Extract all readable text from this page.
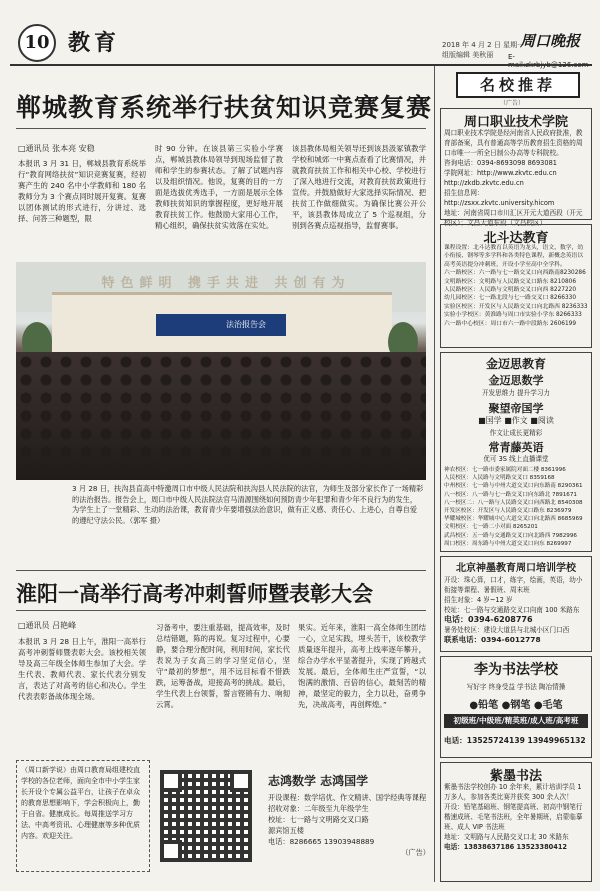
10 教育	2018 年 4 月 2 日 星期一
组版编辑 美秋丽
周口晚报
E-
郸城教育系统举行扶贫知识竞赛复赛
□通讯员 张本亮 安稳
本报讯 3 月 31 日，郸城县教育系统举行“教育网络扶贫”知识竞赛复赛，经初赛产生的 240 名中小学教师和 180 名教师分为 3 个赛点同时展开复赛。复赛以团体测试的形式进行，分讲过、选择、问答三种题型，限
时 90 分钟。在该县第三实验小学赛点，郸城县教体局领导到现场监督了教师和学生的参赛状态。了解了试题内容以及组织情况。他说，复赛的目的一方面是选拔优秀选手，一方面是展示全体教师扶贫知识的掌握程度，更好地开展教育扶贫工作。他鼓励大家用心工作，精心组织，确保扶贫实效落在实处。
该县教体局相关领导还到该县汲冢镇教学学校和城郊一中赛点查看了比赛情况，并就教育扶贫工作和相关中心校、学校进行了深入地进行交流，对教育扶贫政策进行宣传。并鼓励做好大家选择实际情况、把扶贫工作做细做实。为确保比赛公开公平，该县教体局成立了 5 个巡视组，分别到各赛点巡视指导，监督赛事。
特色鲜明 携手共进 共创有为
法治报告会
3 月 28 日，扶沟县直高中特邀周口市中级人民法院和扶沟县人民法院的法官，为师生及部分家长作了一场精彩的法治报告。报告会上，周口市中级人民法院法官马清源围绕如何预防青少年犯罪和青少年不良行为的发生，为学生上了一堂精彩、生动的法治课，教育青少年要增强法治意识，做有正义感、责任心、上进心，自尊自爱的遵纪守法公民。（郭军 摄）
淮阳一高举行高考冲刺誓师暨表彰大会
□通讯员 吕艳峰
本报讯 3 月 28 日上午，淮阳一高举行高考冲刺誓师暨表彰大会。该校相关领导及高三年级全体师生参加了大会。学生代表、教师代表、家长代表分别发言，表达了对高考的信心和决心。学生代表表彰备战体现全场。
习备考中，要注重基础，提高效率，及时总结错题，陈的再说。复习过程中，心要静，要合理分配时间，利用时间，家长代表说为子女高三的学习坚定信心，坚守“最初的梦想”，用不远目标看不惜跌跌，运筹备战，迎接高考的挑战。最后，学生代表上台领誓，誓言铿锵有力、响彻云霄。
果实。近年来，淮阳一高全体师生团结一心，立足实践，埋头苦干，该校教学质量逐年提升，高考上线率逐年攀升，综合办学水平显著提升，实现了跨越式发展。最后，全体师生庄严宣誓，“以饱满的激情、百倍的信心，最刻苦的精神，最坚定的毅力，全力以赴，奋勇争先，决战高考，再创辉煌。”
（周口新学说）由周口教育局组建校直学校的各位老师，面向全市中小学生家长开设个专属公益平台，让孩子在卓众的教育思想影响下，学会积极向上，勤于自省。健康成长。每周推送学习方法、中高考资讯、心理健康等多种优质内容。欢迎关注。
志鸿数学 志鸿国学
开设课程：数学培优、作文精讲、国学经典等课程
招收对象：二年级至九年级学生
校址：七一路与文明路交叉口路
源宾馆五楼
电话：8286665 13903948889
（广告）
名校推荐
（广告）
周口职业技术学院
周口职业技术学院是经河南省人民政府批准，教育部备案，具有普通高等学历教育招生资格的周口市唯一一所全日制公办高等专科院校。
咨询电话：0394-8693098 8693081
学院网址：http://www.zkvtc.edu.cn
http://zkdb.zkvtc.edu.cn
招生信息网：http://zsxx.zkvtc.university.hicom
地址：河南省周口市川汇区开元大道西段（开元校区）；文昌大道东段（文昌校区）
北斗达教育
课程设置：北斗达教育以英语为龙头，语文、数学，幼小衔接、钢琴等多学科和各类特色课程，新概念英语以高考英语提分冲刺班，开设小学至高中全学科。
六一路校区：六一路与七一路交叉口向西路南8230286
文明路校区：文明路与人民路交叉口路东 8210806
人民路校区：人民路与文明路交叉口向西 8227220
幼儿园校区：七一路北段与七一路交叉口 8266330
实验区校区：开发区与人民路交叉口向北路西 8236333
实验小学校区：黄淮路与周口市实验小学东 8266333
六一路中心校区：周口市六一路中段路东 2606199
金迈思教育
金迈思数学
开发思维力 提升学习力
聚望帝国学
■国学 ■作文 ■阅读
作文让成长更精彩
常青藤英语
优可 3S 线上直播课堂
神农校区：七一路市委家属院对面二楼 8361996
人民校区：人民路与文明路交叉口 8359168
中州校区：七一路与中州大道交叉口向东路南 8290361
八一校区：八一路与七一路交叉口向东路北 7891671
八一校区二：八一路与人民路交叉口向西路北 8540308
开发区校区：开发区与人民路交叉口路东 8236979
华耀城校区：华耀城中心大道交叉口向北路西 8685969
文明校区：七一路二小对面 8265201
武昌校区：五一路与交通路交叉口向北路西 7982996
周口校区：周东路与中州大道交叉口向东 8269997
北京神墨教育周口培训学校
开设：珠心算，口才，练字，绘画，英语，幼小衔接等课程、暑假班、周末班
招生对象：4 岁~12 岁
校址：七一路与交通路交叉口向南 100 米路东
电话：0394-6208776
暑务处校区：建设大道县与北城小区门口西
联系电话：0394-6012778
李为书法学校
写好字 终身受益 学书法 陶冶情操
●铅笔 ●钢笔 ●毛笔
初级班/中级班/精英班/成人班/高考班
电话：13525724139 13949965132
紫墨书法
紫墨书法学校创办 10 余年来，累计培训学员 1 万多人，参加各类比赛并获奖 300 余人次！
开设：铅笔基础班、钢笔提高班、初高中钢笔行楷速成班、毛笔书法班，全年暑期班，启蒙临摹班、成人 VIP 书法班
地址：文明路与人民路交叉口北 30 米路东
电话：13838637186 13523380412
